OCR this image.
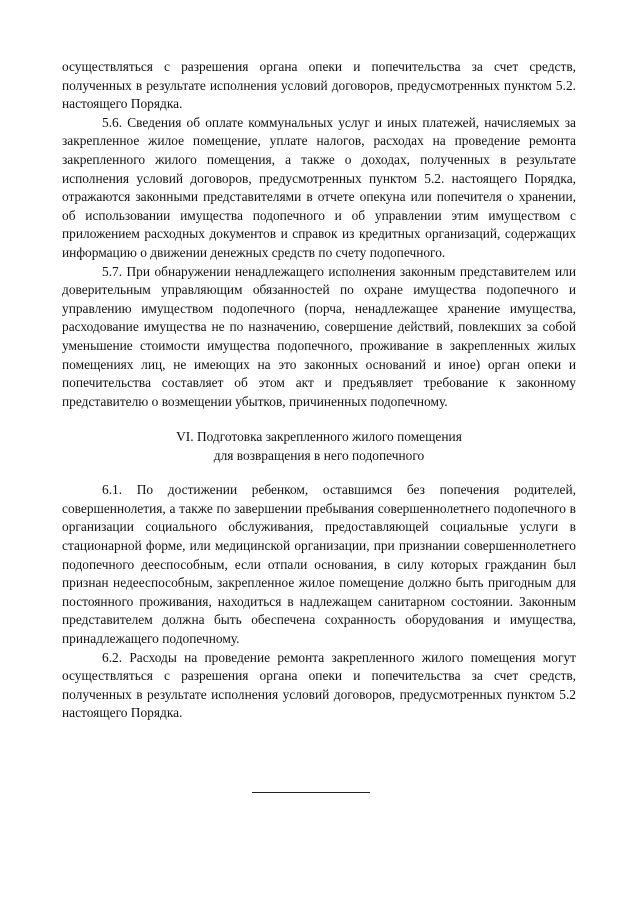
осуществляться с разрешения органа опеки и попечительства за счет средств, полученных в результате исполнения условий договоров, предусмотренных пунктом 5.2. настоящего Порядка.

5.6. Сведения об оплате коммунальных услуг и иных платежей, начисляемых за закрепленное жилое помещение, уплате налогов, расходах на проведение ремонта закрепленного жилого помещения, а также о доходах, полученных в результате исполнения условий договоров, предусмотренных пунктом 5.2. настоящего Порядка, отражаются законными представителями в отчете опекуна или попечителя о хранении, об использовании имущества подопечного и об управлении этим имуществом с приложением расходных документов и справок из кредитных организаций, содержащих информацию о движении денежных средств по счету подопечного.

5.7. При обнаружении ненадлежащего исполнения законным представителем или доверительным управляющим обязанностей по охране имущества подопечного и управлению имуществом подопечного (порча, ненадлежащее хранение имущества, расходование имущества не по назначению, совершение действий, повлекших за собой уменьшение стоимости имущества подопечного, проживание в закрепленных жилых помещениях лиц, не имеющих на это законных оснований и иное) орган опеки и попечительства составляет об этом акт и предъявляет требование к законному представителю о возмещении убытков, причиненных подопечному.

VI. Подготовка закрепленного жилого помещения
для возвращения в него подопечного

6.1. По достижении ребенком, оставшимся без попечения родителей, совершеннолетия, а также по завершении пребывания совершеннолетнего подопечного в организации социального обслуживания, предоставляющей социальные услуги в стационарной форме, или медицинской организации, при признании совершеннолетнего подопечного дееспособным, если отпали основания, в силу которых гражданин был признан недееспособным, закрепленное жилое помещение должно быть пригодным для постоянного проживания, находиться в надлежащем санитарном состоянии. Законным представителем должна быть обеспечена сохранность оборудования и имущества, принадлежащего подопечному.

6.2. Расходы на проведение ремонта закрепленного жилого помещения могут осуществляться с разрешения органа опеки и попечительства за счет средств, полученных в результате исполнения условий договоров, предусмотренных пунктом 5.2 настоящего Порядка.
